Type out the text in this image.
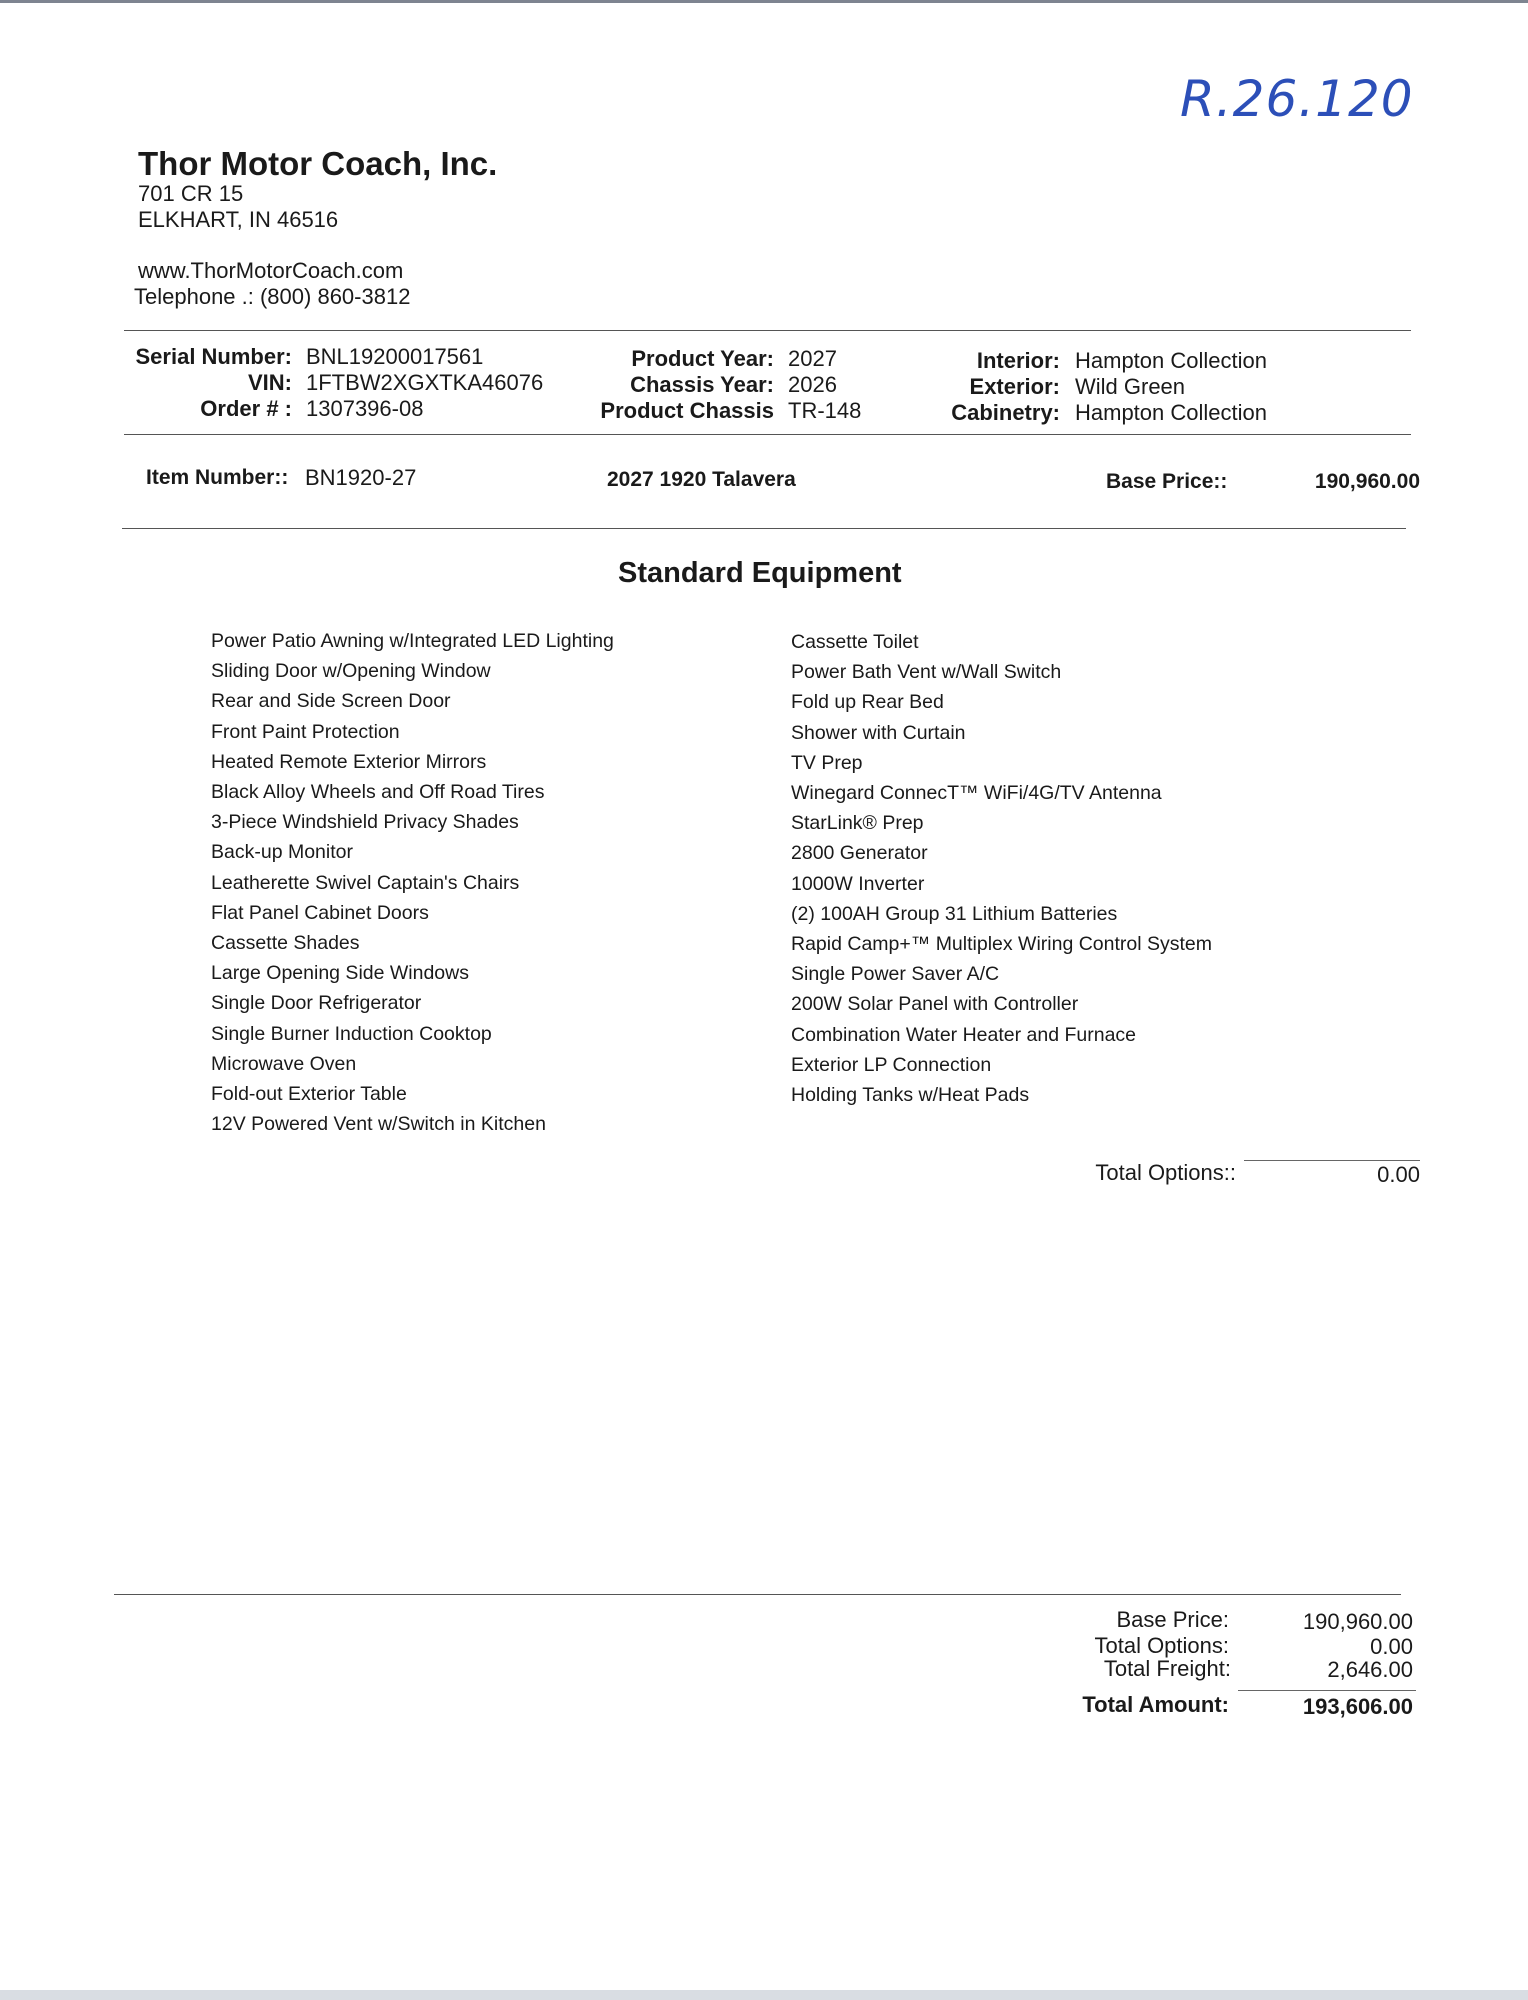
R.26.120
Thor Motor Coach, Inc.
701 CR 15
ELKHART, IN 46516
www.ThorMotorCoach.com
Telephone .: (800) 860-3812
Serial Number: BNL19200017561
VIN: 1FTBW2XGXTKA46076
Order # : 1307396-08
Product Year: 2027
Chassis Year: 2026
Product Chassis TR-148
Interior: Hampton Collection
Exterior: Wild Green
Cabinetry: Hampton Collection
Item Number:: BN1920-27	2027 1920 Talavera	Base Price::	190,960.00
Standard Equipment
Power Patio Awning w/Integrated LED Lighting
Sliding Door w/Opening Window
Rear and Side Screen Door
Front Paint Protection
Heated Remote Exterior Mirrors
Black Alloy Wheels and Off Road Tires
3-Piece Windshield Privacy Shades
Back-up Monitor
Leatherette Swivel Captain's Chairs
Flat Panel Cabinet Doors
Cassette Shades
Large Opening Side Windows
Single Door Refrigerator
Single Burner Induction Cooktop
Microwave Oven
Fold-out Exterior Table
12V Powered Vent w/Switch in Kitchen
Cassette Toilet
Power Bath Vent w/Wall Switch
Fold up Rear Bed
Shower with Curtain
TV Prep
Winegard ConnecT™ WiFi/4G/TV Antenna
StarLink® Prep
2800 Generator
1000W Inverter
(2) 100AH Group 31 Lithium Batteries
Rapid Camp+™ Multiplex Wiring Control System
Single Power Saver A/C
200W Solar Panel with Controller
Combination Water Heater and Furnace
Exterior LP Connection
Holding Tanks w/Heat Pads
Total Options::	0.00
Base Price:	190,960.00
Total Options:	0.00
Total Freight:	2,646.00
Total Amount:	193,606.00
